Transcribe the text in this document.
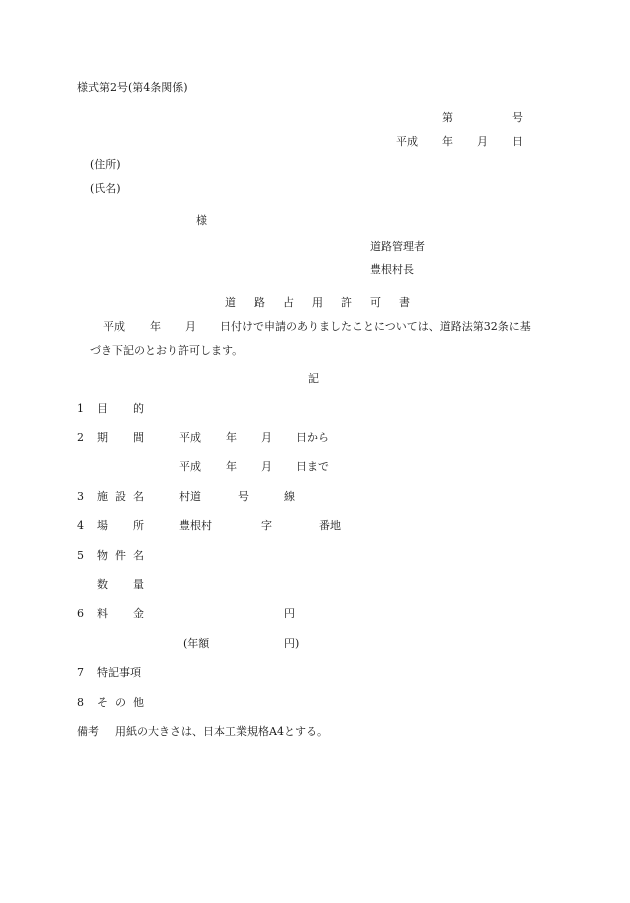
様式第2号(第4条関係)
第	号
平成 年 月 日
(住所)
(氏名)
様
道路管理者
豊根村長
道 路 占 用 許 可 書
平成 年 月 日付けで申請のありましたことについては、道路法第32条に基
づき下記のとおり許可します。
記
1 目 的
2 期 間	平成 年 月 日から
平成 年 月 日まで
3 施 設 名	村道	号	線
4 場 所	豊根村	字	番地
5 物 件 名
数 量
6 料 金	円
(年額	円)
7 特記事項
8 そ の 他
備考 用紙の大きさは、日本工業規格A4とする。
